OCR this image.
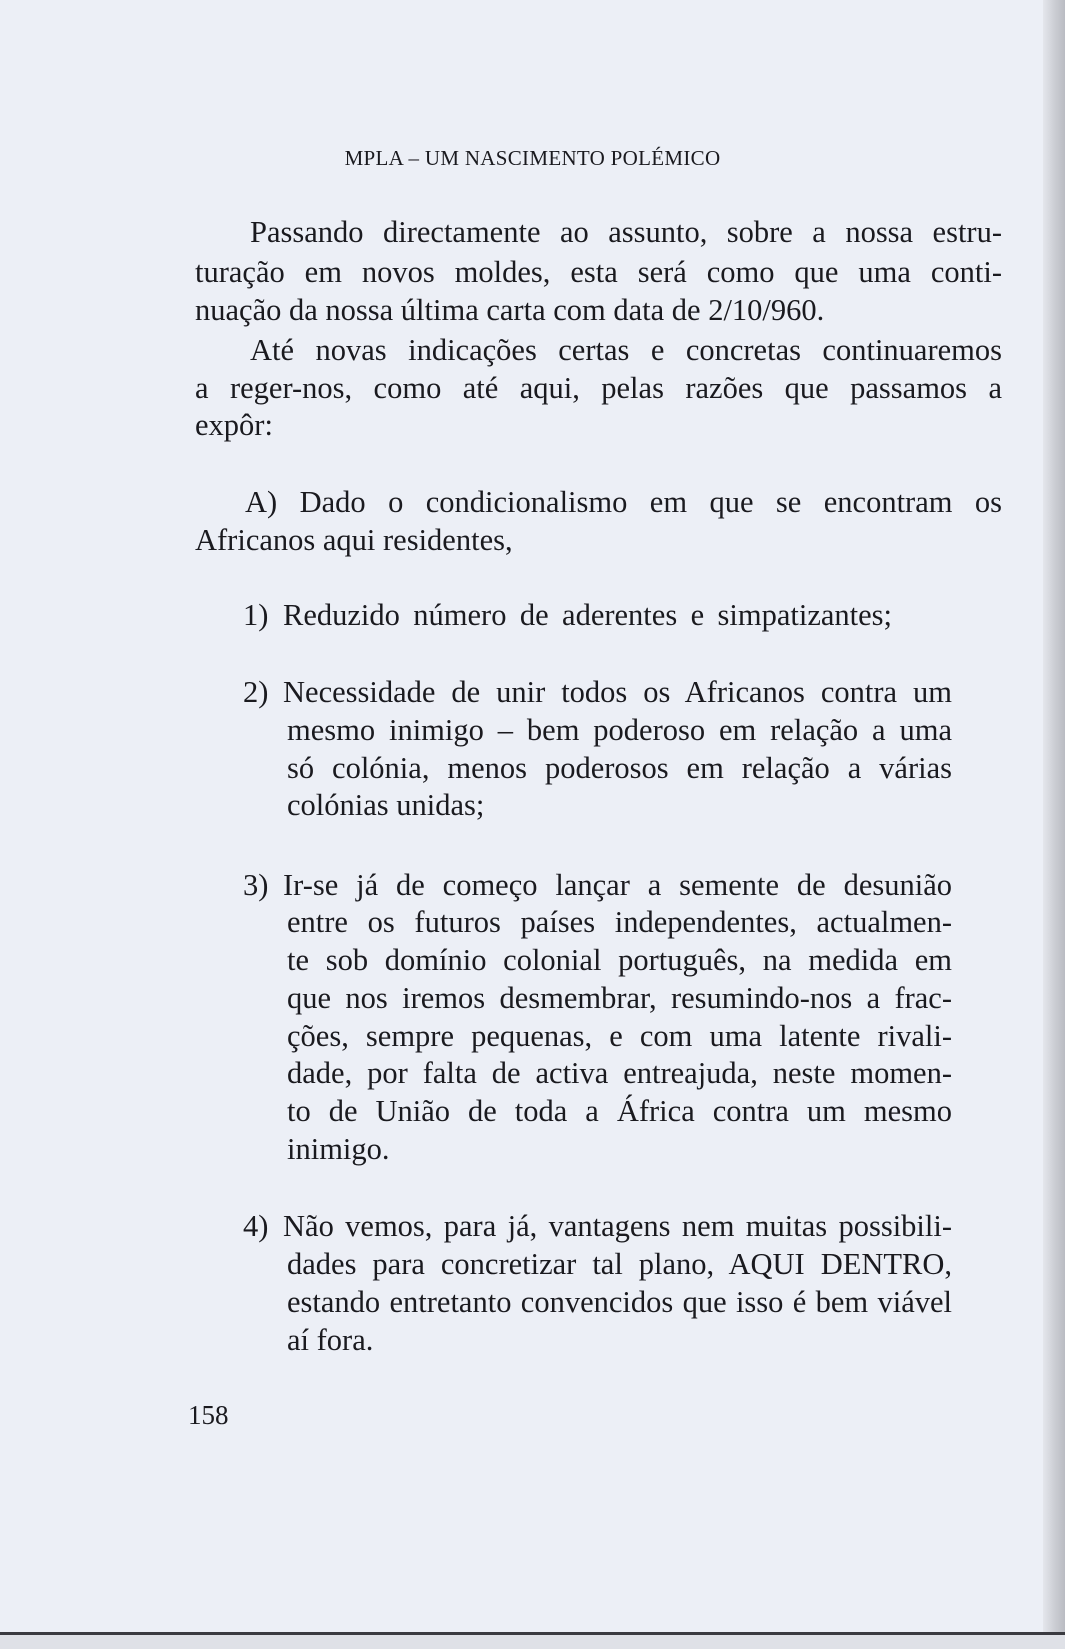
MPLA – UM NASCIMENTO POLÉMICO
Passando directamente ao assunto, sobre a nossa estru-
turação em novos moldes, esta será como que uma conti-
nuação da nossa última carta com data de 2/10/960.
Até novas indicações certas e concretas continuaremos
a reger-nos, como até aqui, pelas razões que passamos a
expôr:
A) Dado o condicionalismo em que se encontram os
Africanos aqui residentes,
1) Reduzido número de aderentes e simpatizantes;
2) Necessidade de unir todos os Africanos contra um
mesmo inimigo – bem poderoso em relação a uma
só colónia, menos poderosos em relação a várias
colónias unidas;
3) Ir-se já de começo lançar a semente de desunião
entre os futuros países independentes, actualmen-
te sob domínio colonial português, na medida em
que nos iremos desmembrar, resumindo-nos a frac-
ções, sempre pequenas, e com uma latente rivali-
dade, por falta de activa entreajuda, neste momen-
to de União de toda a África contra um mesmo
inimigo.
4) Não vemos, para já, vantagens nem muitas possibili-
dades para concretizar tal plano, AQUI DENTRO,
estando entretanto convencidos que isso é bem viável
aí fora.
158
